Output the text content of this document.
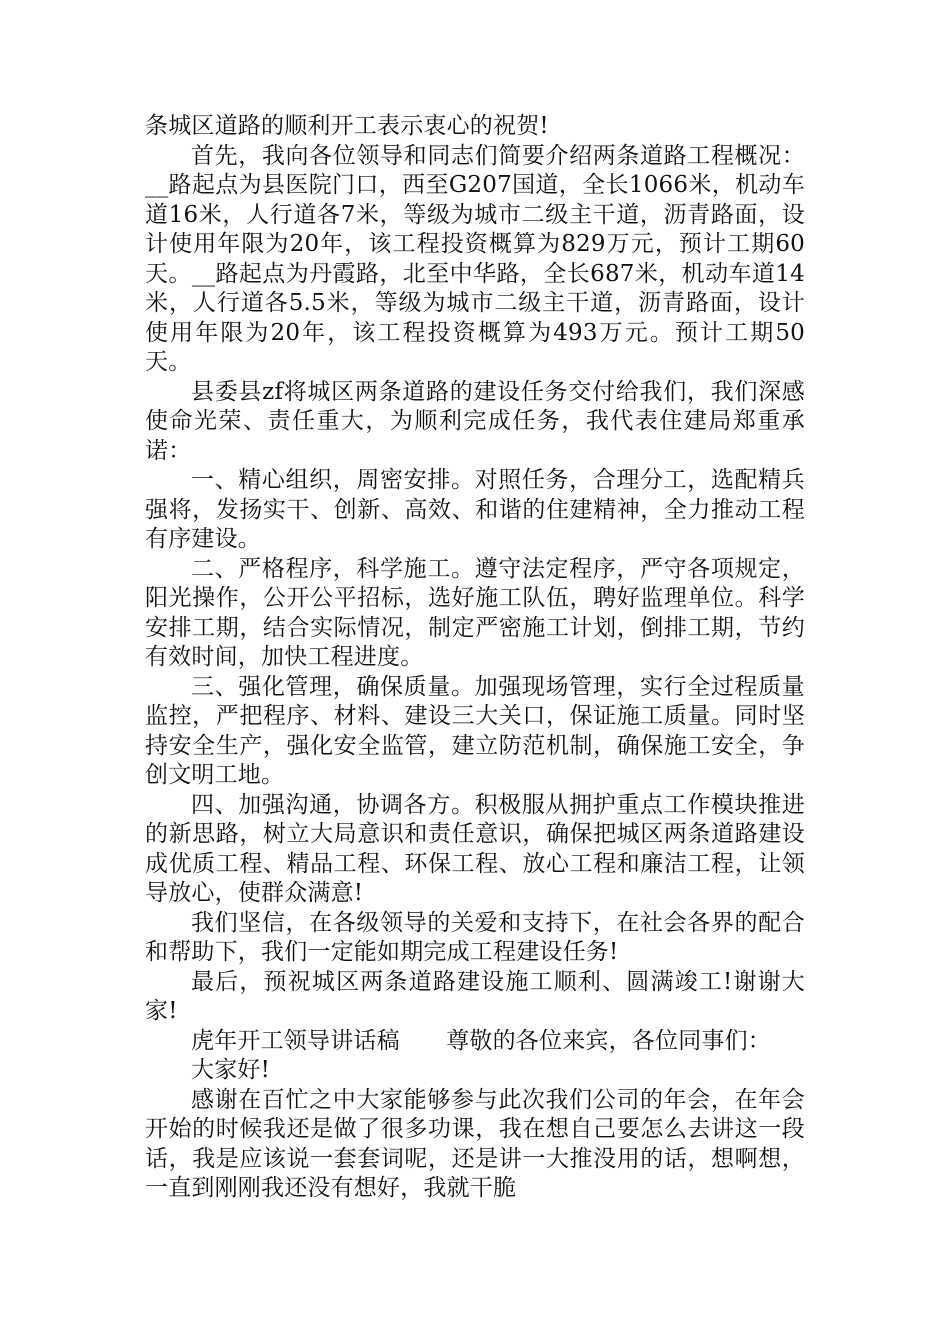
条城区道路的顺利开工表示衷心的祝贺!

首先，我向各位领导和同志们简要介绍两条道路工程概况：__路起点为县医院门口，西至G207国道，全长1066米，机动车道16米，人行道各7米，等级为城市二级主干道，沥青路面，设计使用年限为20年，该工程投资概算为829万元，预计工期60天。__路起点为丹霞路，北至中华路，全长687米，机动车道14米，人行道各5.5米，等级为城市二级主干道，沥青路面，设计使用年限为20年，该工程投资概算为493万元。预计工期50天。

县委县zf将城区两条道路的建设任务交付给我们，我们深感使命光荣、责任重大，为顺利完成任务，我代表住建局郑重承诺：

一、精心组织，周密安排。对照任务，合理分工，选配精兵强将，发扬实干、创新、高效、和谐的住建精神，全力推动工程有序建设。

二、严格程序，科学施工。遵守法定程序，严守各项规定，阳光操作，公开公平招标，选好施工队伍，聘好监理单位。科学安排工期，结合实际情况，制定严密施工计划，倒排工期，节约有效时间，加快工程进度。

三、强化管理，确保质量。加强现场管理，实行全过程质量监控，严把程序、材料、建设三大关口，保证施工质量。同时坚持安全生产，强化安全监管，建立防范机制，确保施工安全，争创文明工地。

四、加强沟通，协调各方。积极服从拥护重点工作模块推进的新思路，树立大局意识和责任意识，确保把城区两条道路建设成优质工程、精品工程、环保工程、放心工程和廉洁工程，让领导放心，使群众满意!

我们坚信，在各级领导的关爱和支持下，在社会各界的配合和帮助下，我们一定能如期完成工程建设任务!

最后，预祝城区两条道路建设施工顺利、圆满竣工!谢谢大家!

虎年开工领导讲话稿　　尊敬的各位来宾，各位同事们：

大家好!

感谢在百忙之中大家能够参与此次我们公司的年会，在年会开始的时候我还是做了很多功课，我在想自己要怎么去讲这一段话，我是应该说一套套词呢，还是讲一大推没用的话，想啊想，一直到刚刚我还没有想好，我就干脆
